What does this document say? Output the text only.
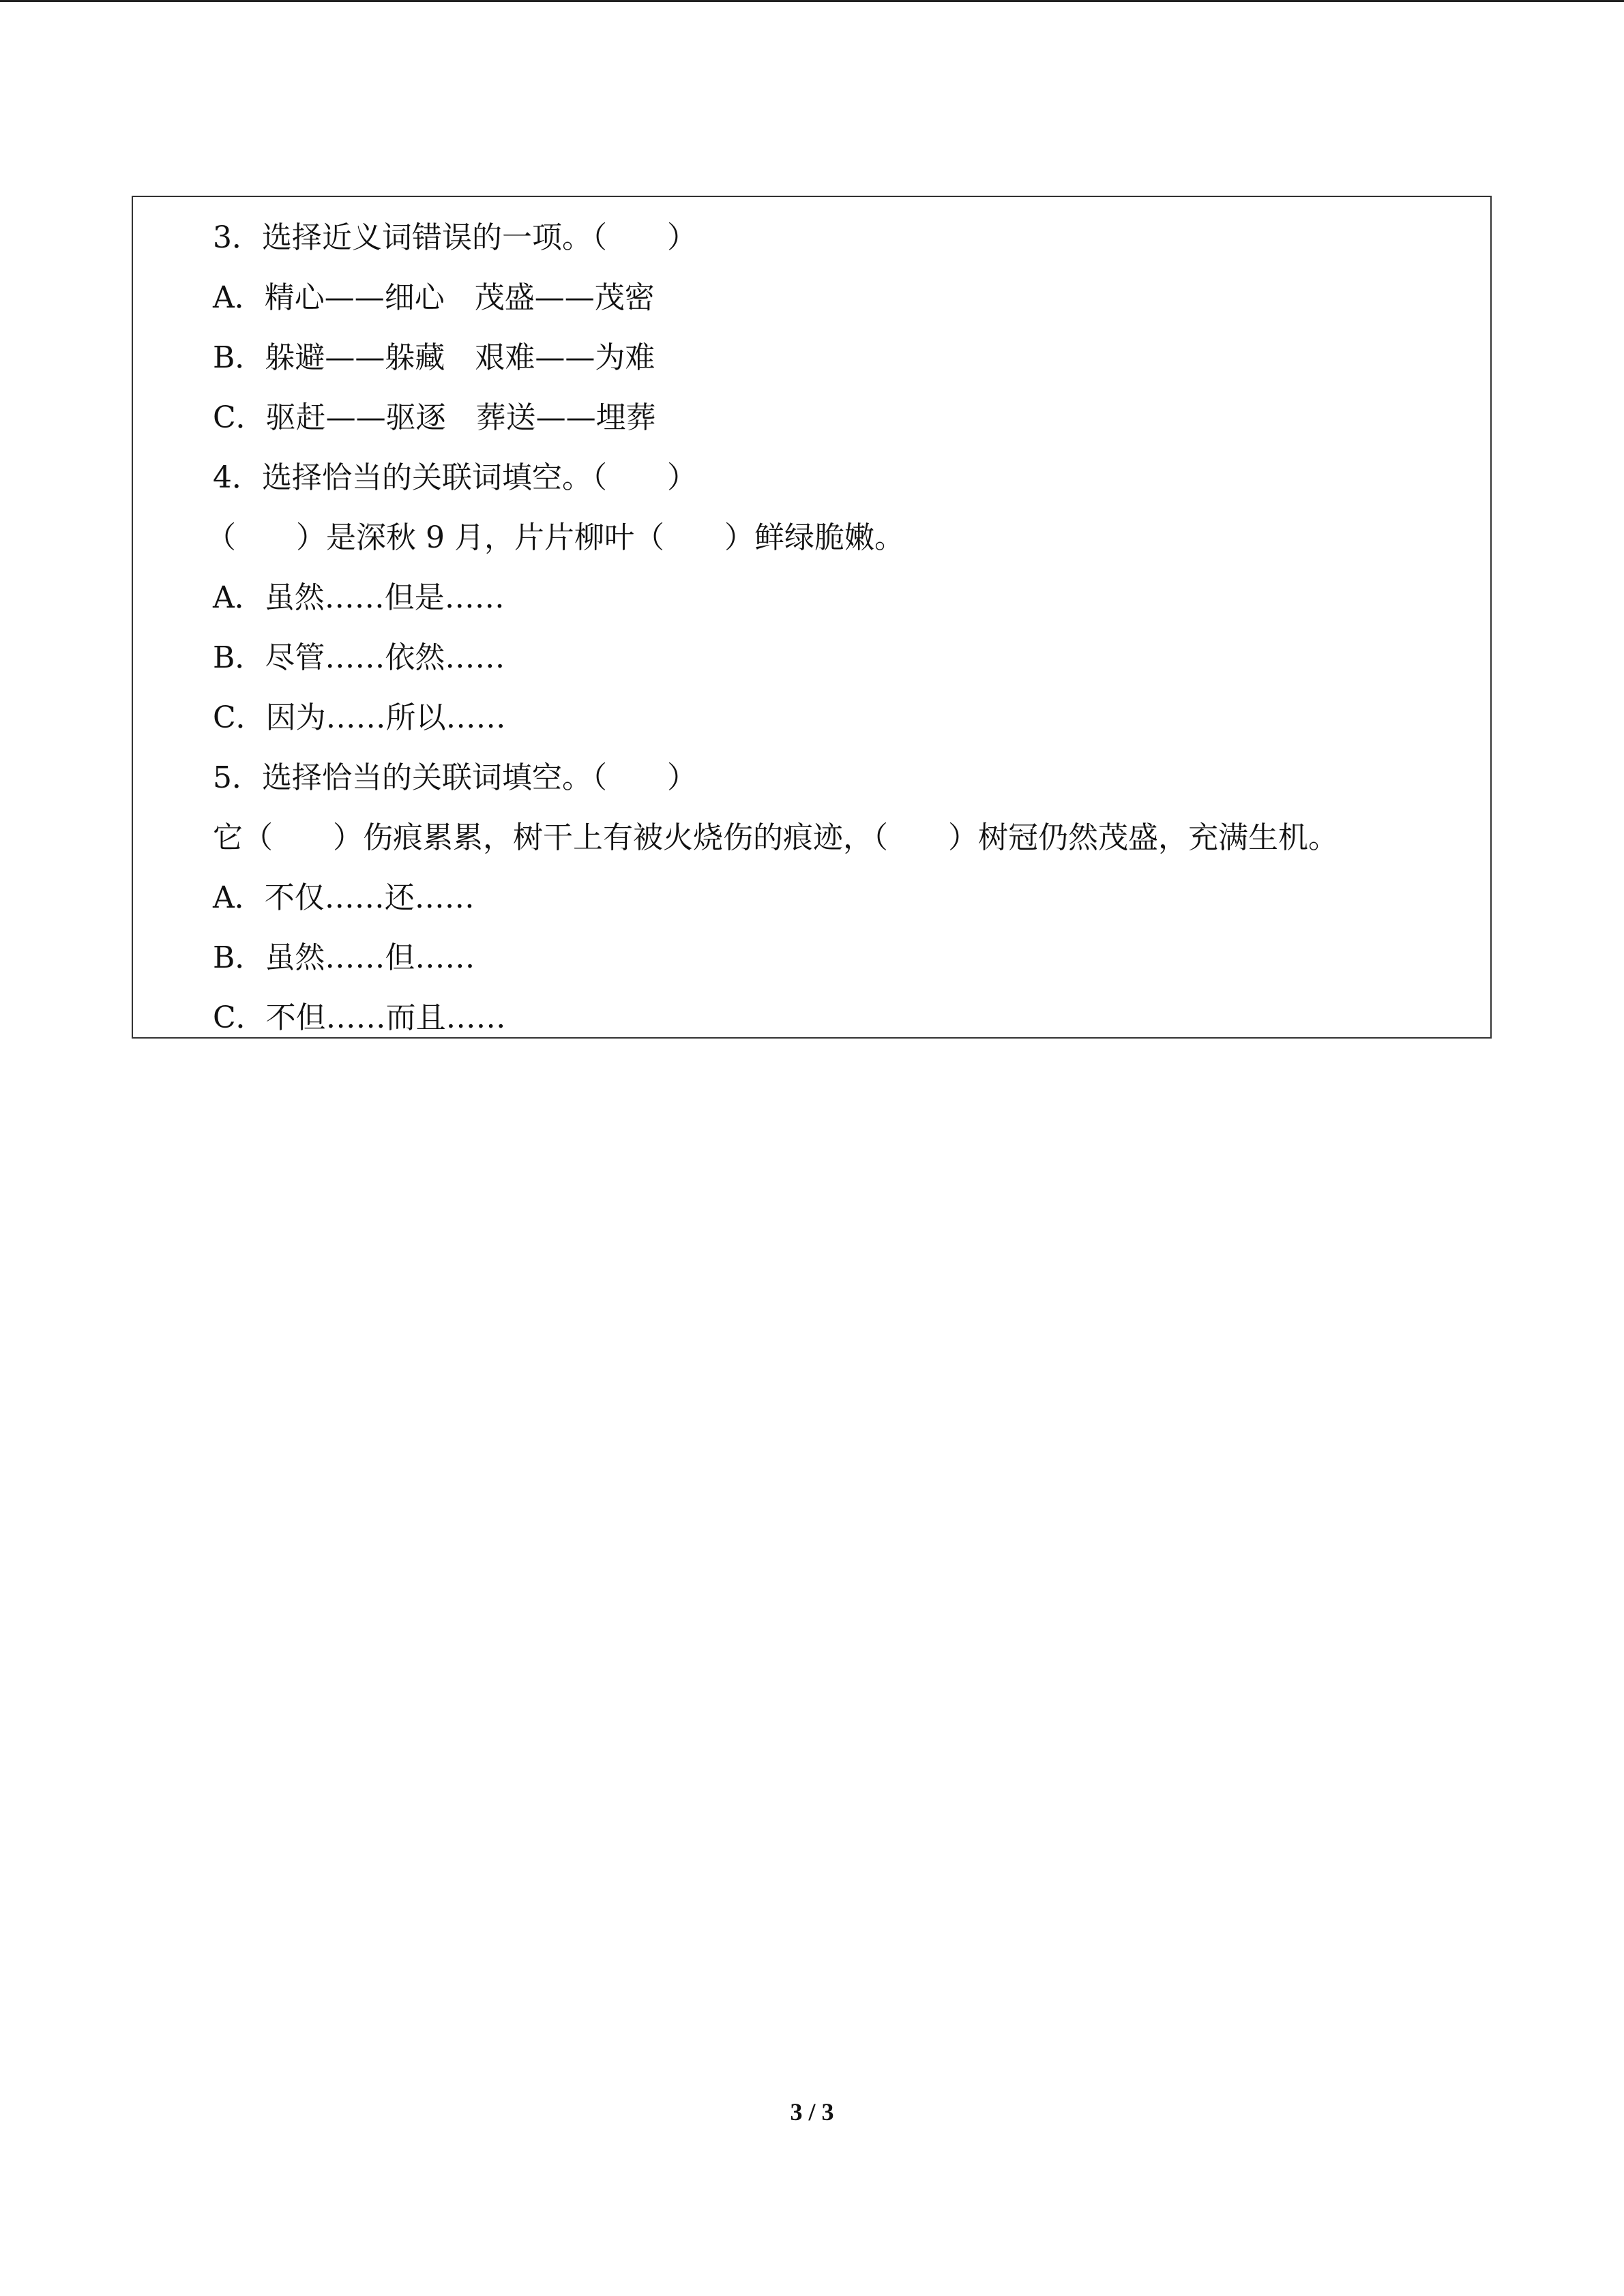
3．选择近义词错误的一项。（　　）
A．精心——细心　茂盛——茂密
B．躲避——躲藏　艰难——为难
C．驱赶——驱逐　葬送——埋葬
4．选择恰当的关联词填空。（　　）
（　　）是深秋 9 月，片片柳叶（　　）鲜绿脆嫩。
A．虽然……但是……
B．尽管……依然……
C．因为……所以……
5．选择恰当的关联词填空。（　　）
它（　　）伤痕累累，树干上有被火烧伤的痕迹，（　　）树冠仍然茂盛，充满生机。
A．不仅……还……
B．虽然……但……
C．不但……而且……
3 / 3
